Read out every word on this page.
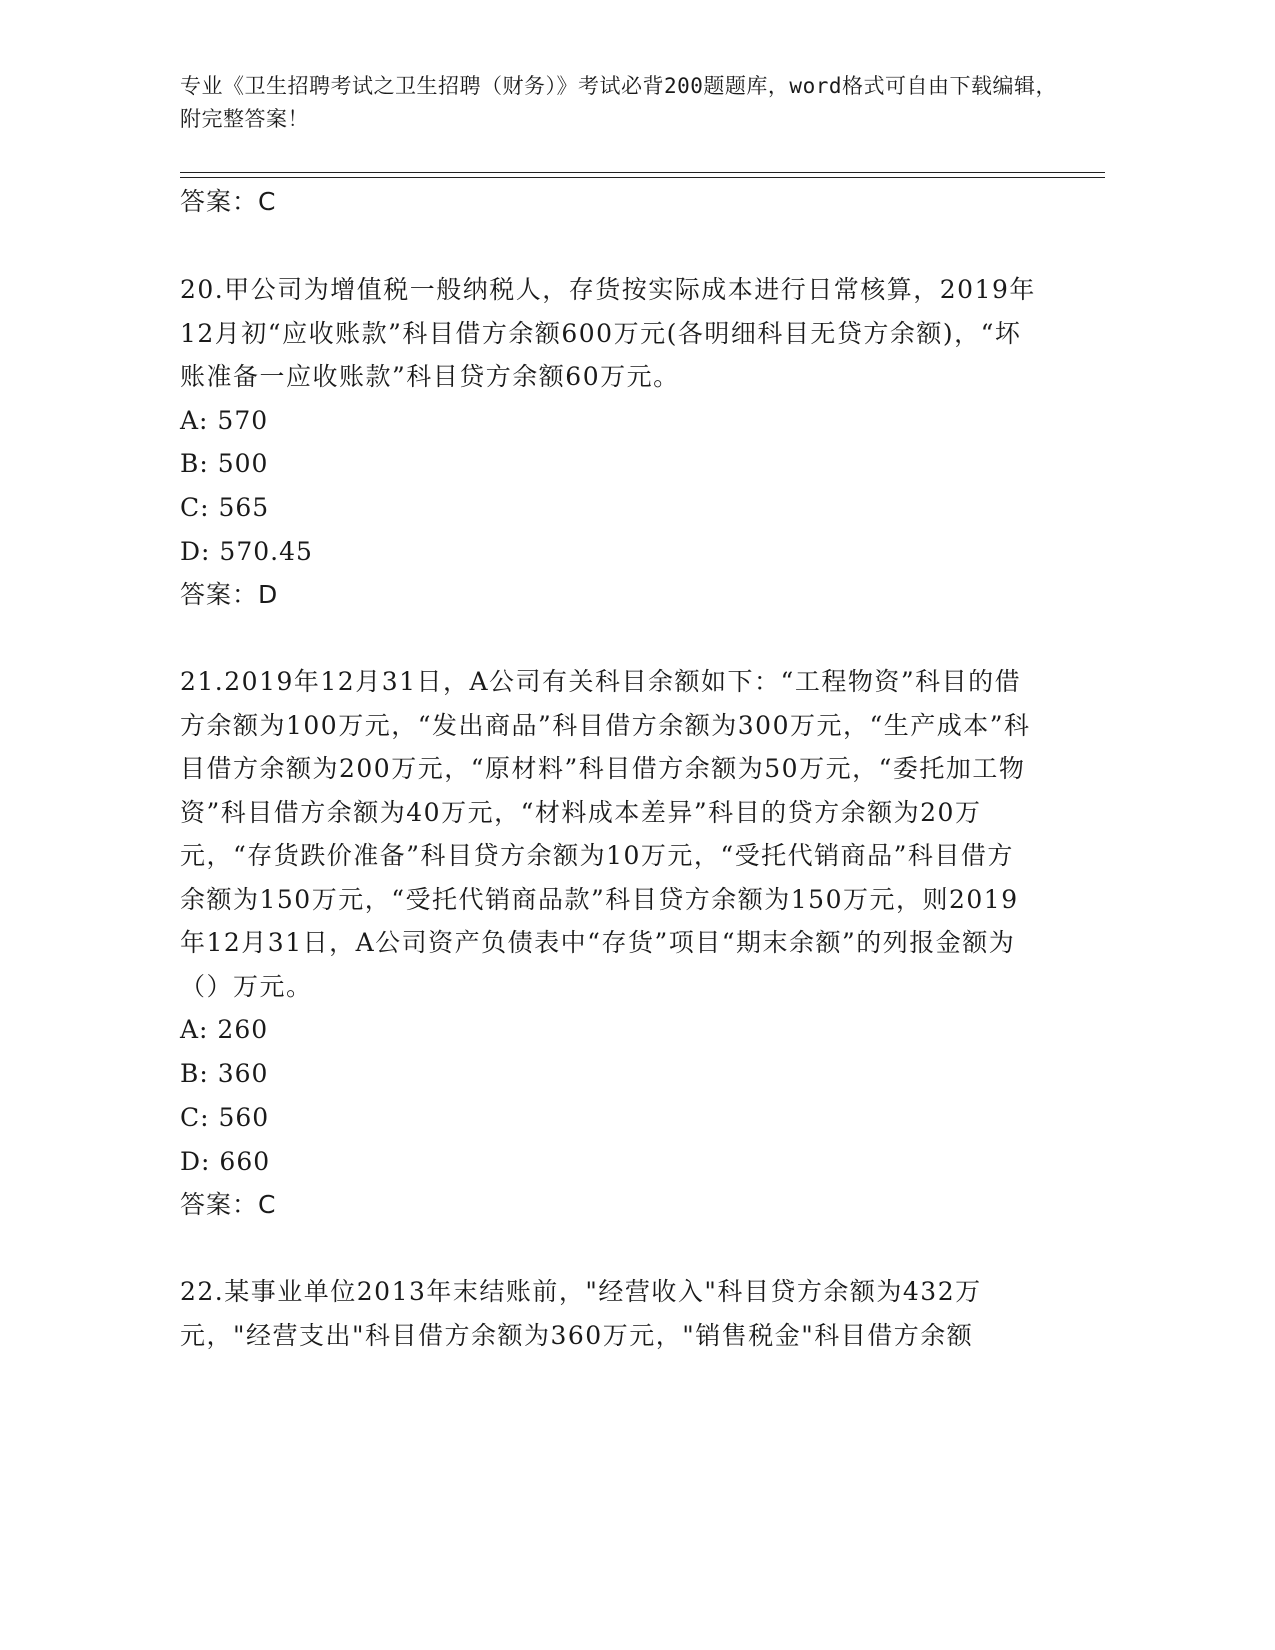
专业《卫生招聘考试之卫生招聘（财务）》考试必背200题题库，word格式可自由下载编辑，附完整答案！
答案：C

20.甲公司为增值税一般纳税人，存货按实际成本进行日常核算，2019年12月初“应收账款”科目借方余额600万元(各明细科目无贷方余额)，“坏账准备一应收账款”科目贷方余额60万元。

A: 570
B: 500
C: 565
D: 570.45
答案：D

21.2019年12月31日，A公司有关科目余额如下：“工程物资”科目的借方余额为100万元，“发出商品”科目借方余额为300万元，“生产成本”科目借方余额为200万元，“原材料”科目借方余额为50万元，“委托加工物资”科目借方余额为40万元，“材料成本差异”科目的贷方余额为20万元，“存货跌价准备”科目贷方余额为10万元，“受托代销商品”科目借方余额为150万元，“受托代销商品款”科目贷方余额为150万元，则2019年12月31日，A公司资产负债表中“存货”项目“期末余额”的列报金额为（）万元。

A: 260
B: 360
C: 560
D: 660
答案：C

22.某事业单位2013年末结账前，"经营收入"科目贷方余额为432万元，"经营支出"科目借方余额为360万元，"销售税金"科目借方余额
